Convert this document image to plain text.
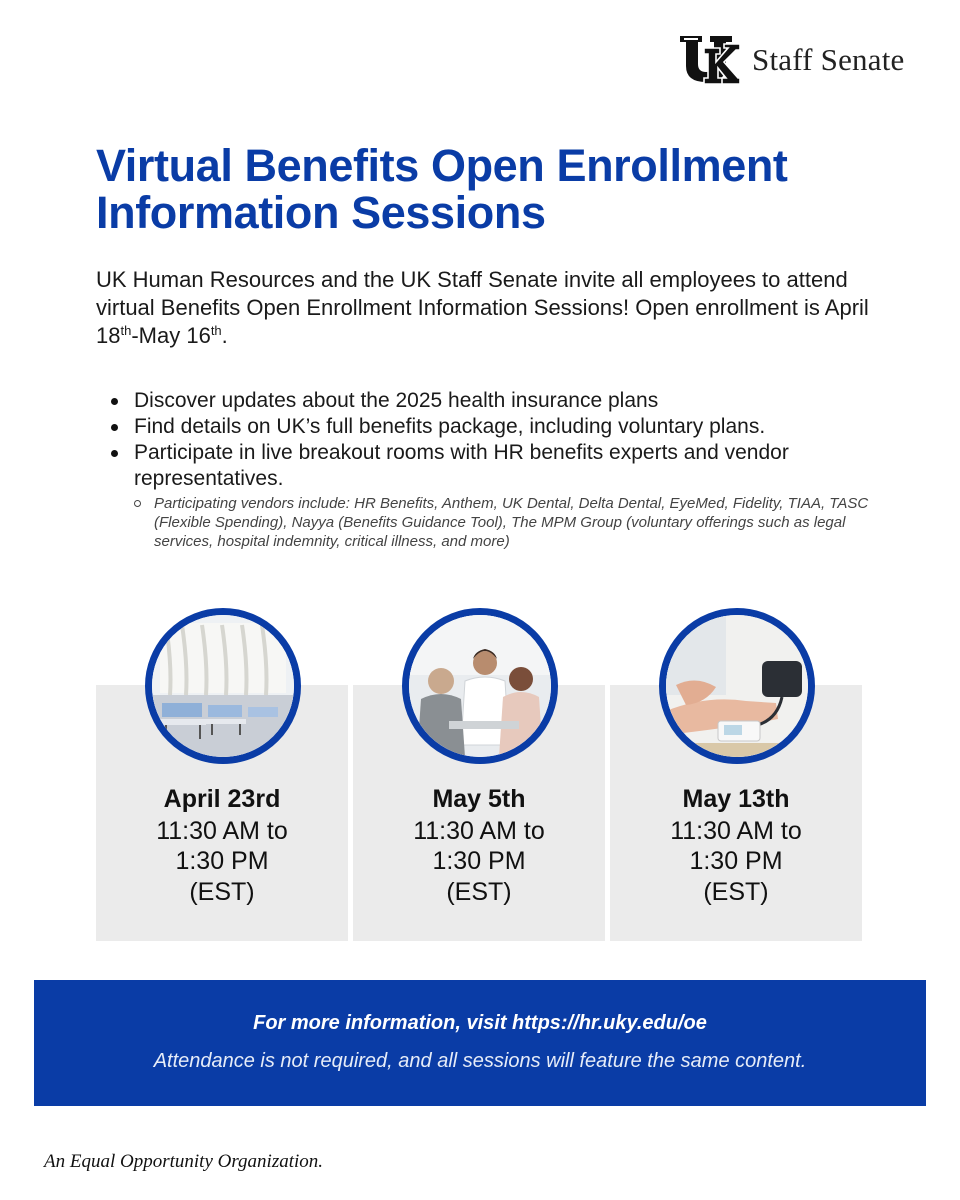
Staff Senate
Virtual Benefits Open Enrollment
Information Sessions

UK Human Resources and the UK Staff Senate invite all employees to attend virtual Benefits Open Enrollment Information Sessions! Open enrollment is April 18th-May 16th.

Discover updates about the 2025 health insurance plans
Find details on UK’s full benefits package, including voluntary plans.
Participate in live breakout rooms with HR benefits experts and vendor representatives.
Participating vendors include: HR Benefits, Anthem, UK Dental, Delta Dental, EyeMed, Fidelity, TIAA, TASC (Flexible Spending), Nayya (Benefits Guidance Tool), The MPM Group (voluntary offerings such as legal services, hospital indemnity, critical illness, and more)
April 23rd
11:30 AM to
1:30 PM
(EST)
May 5th
11:30 AM to
1:30 PM
(EST)
May 13th
11:30 AM to
1:30 PM
(EST)
For more information, visit https://hr.uky.edu/oe
Attendance is not required, and all sessions will feature the same content.
An Equal Opportunity Organization.
